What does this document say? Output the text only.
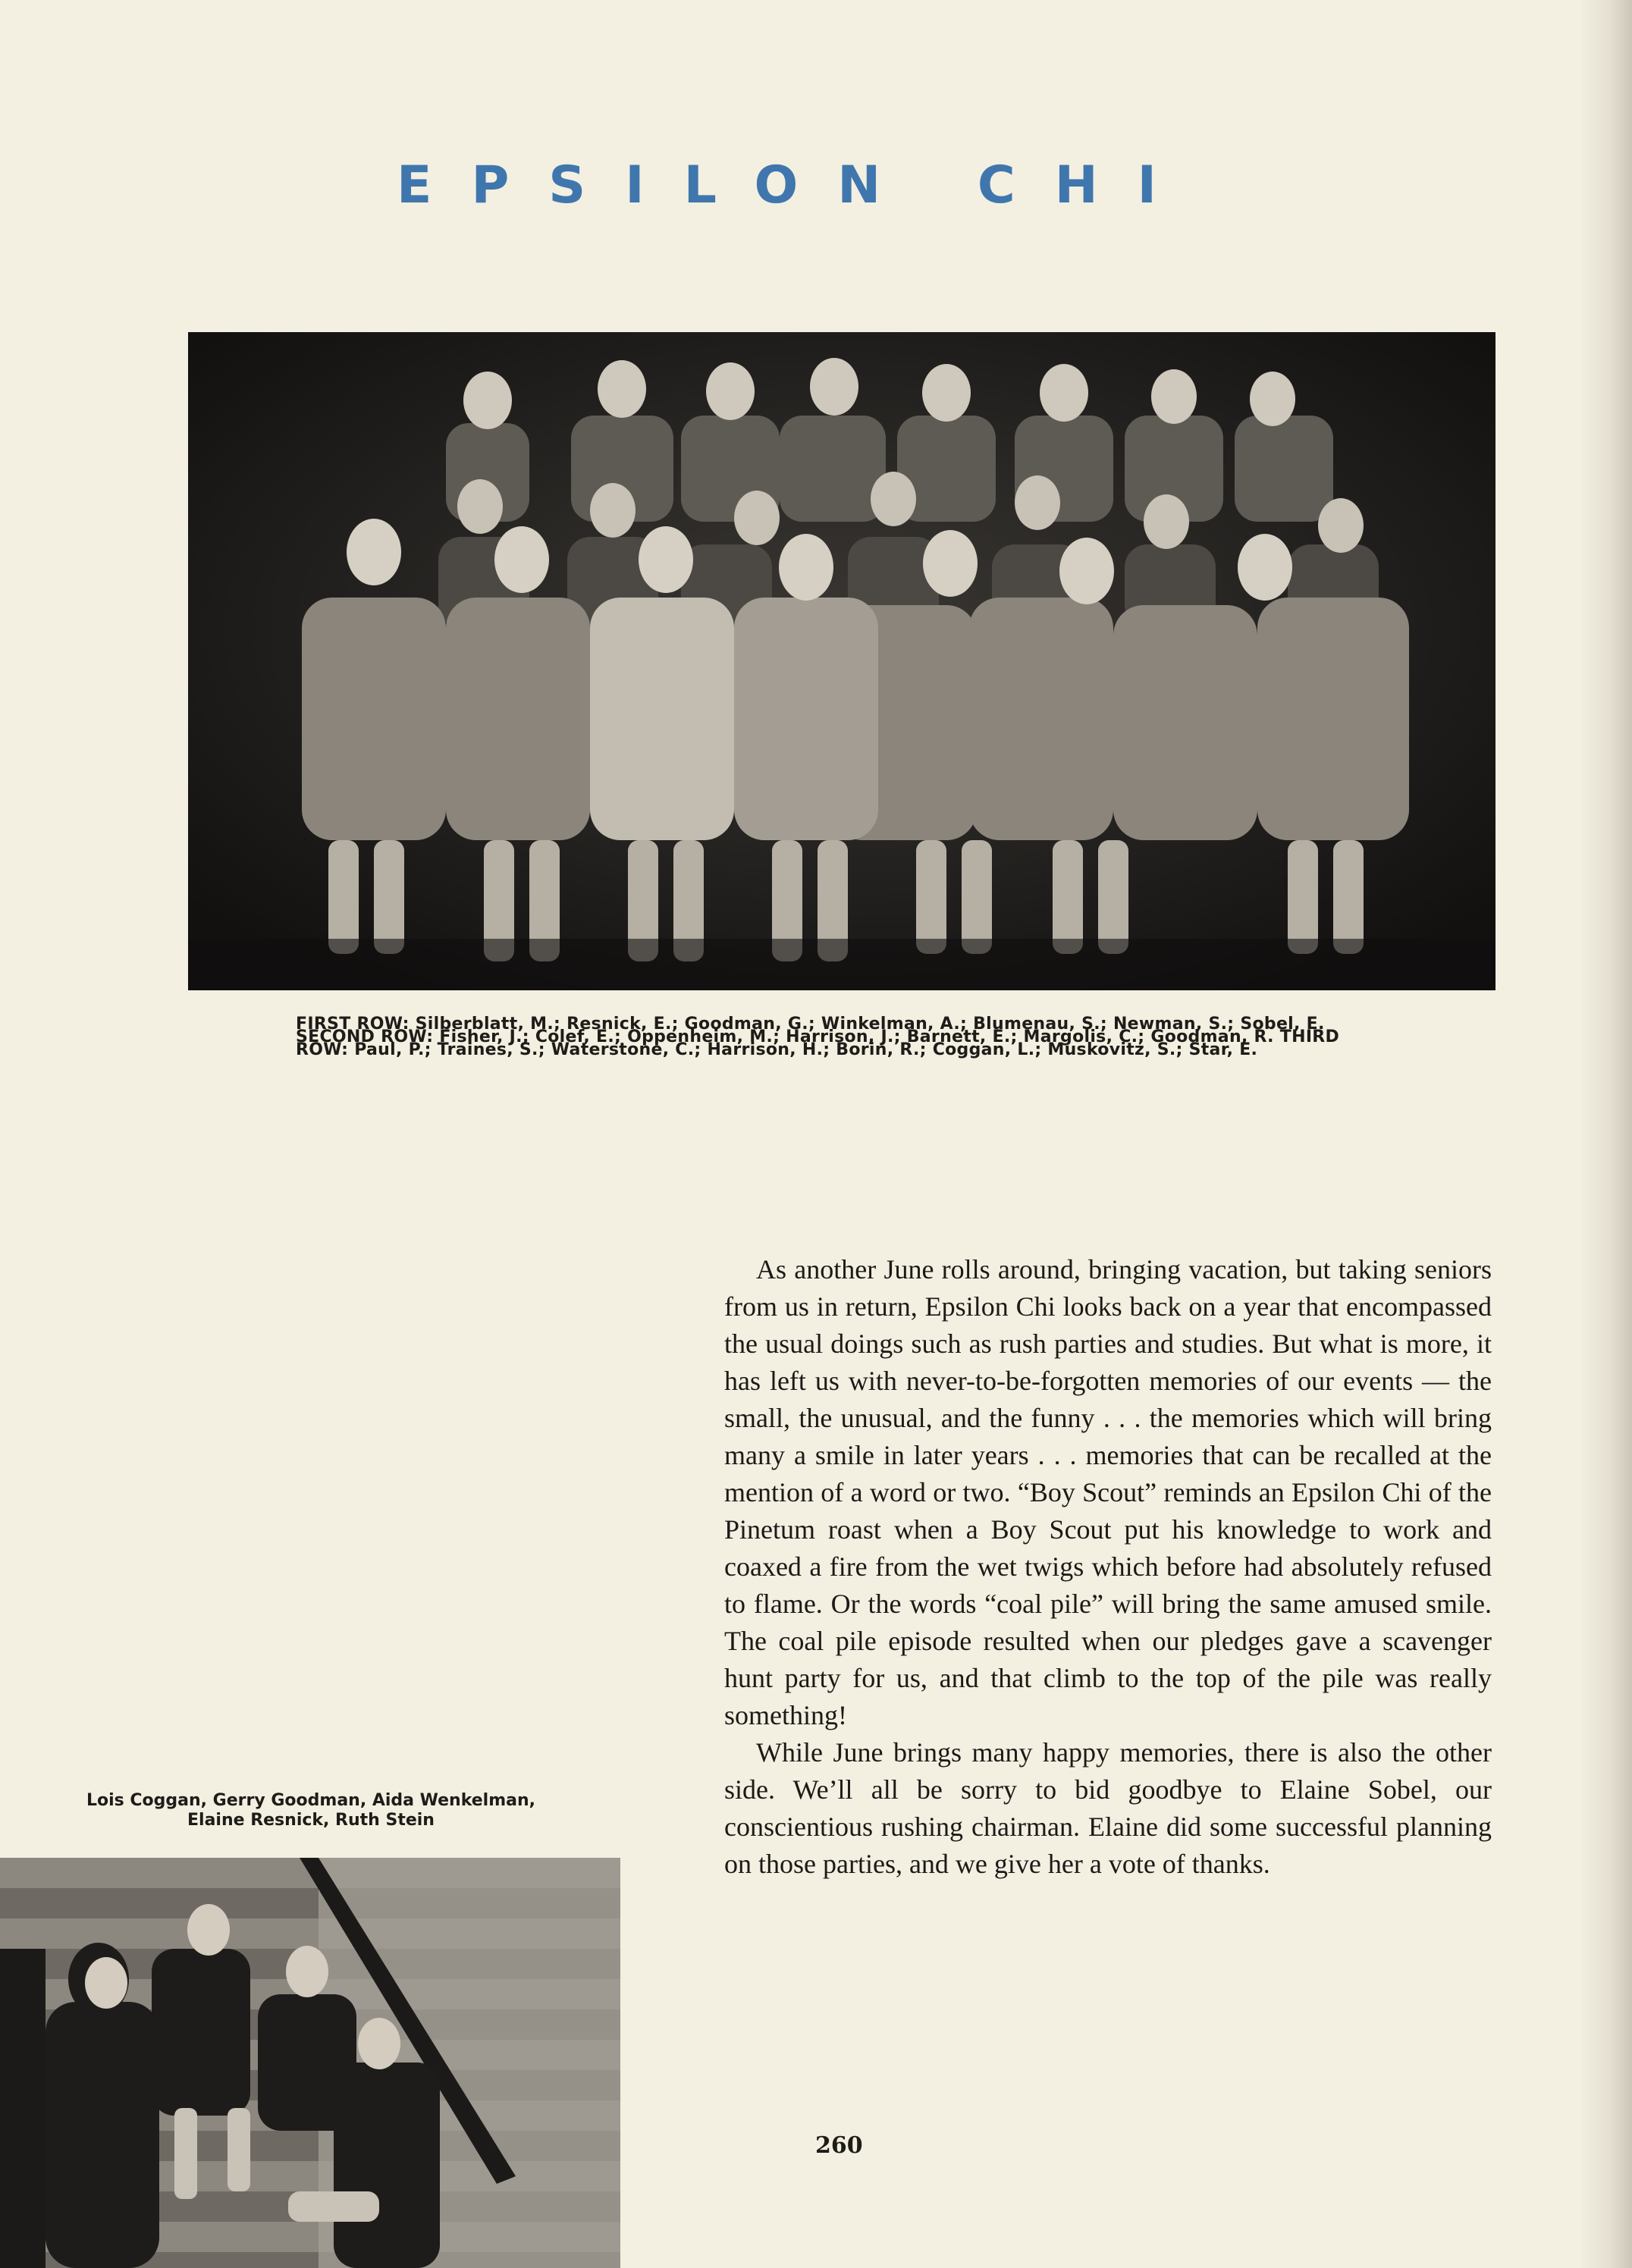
EPSILON CHI

FIRST ROW: Silberblatt, M.; Resnick, E.; Goodman, G.; Winkelman, A.; Blumenau, S.; Newman, S.; Sobel, E. SECOND ROW: Fisher, J.; Colef, E.; Oppenheim, M.; Harrison, J.; Barnett, E.; Margolis, C.; Goodman, R. THIRD ROW: Paul, P.; Traines, S.; Waterstone, C.; Harrison, H.; Borin, R.; Coggan, L.; Muskovitz, S.; Star, E.

As another June rolls around, bringing vacation, but taking seniors from us in return, Epsilon Chi looks back on a year that encompassed the usual doings such as rush parties and studies. But what is more, it has left us with never-to-be-forgotten memories of our events — the small, the unusual, and the funny . . . the memories which will bring many a smile in later years . . . memories that can be recalled at the mention of a word or two. “Boy Scout” reminds an Epsilon Chi of the Pinetum roast when a Boy Scout put his knowledge to work and coaxed a fire from the wet twigs which before had absolutely refused to flame. Or the words “coal pile” will bring the same amused smile. The coal pile episode resulted when our pledges gave a scavenger hunt party for us, and that climb to the top of the pile was really something!

While June brings many happy memories, there is also the other side. We’ll all be sorry to bid goodbye to Elaine Sobel, our conscientious rushing chairman. Elaine did some successful planning on those parties, and we give her a vote of thanks.

Lois Coggan, Gerry Goodman, Aida Wenkelman,

Elaine Resnick, Ruth Stein

260
